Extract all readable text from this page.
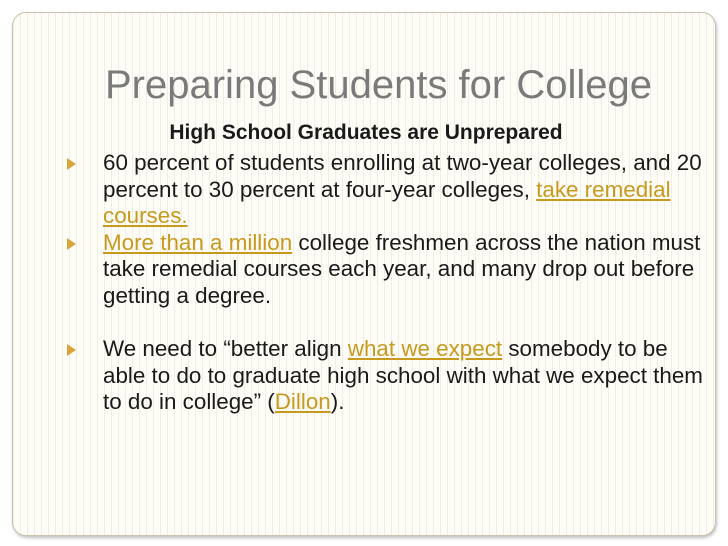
Preparing Students for College
High School Graduates are Unprepared
60 percent of students enrolling at two-year colleges, and 20 percent to 30 percent at four-year colleges, take remedial courses.
More than a million college freshmen across the nation must take remedial courses each year, and many drop out before getting a degree.
We need to “better align what we expect somebody to be able to do to graduate high school with what we expect them to do in college” (Dillon).
